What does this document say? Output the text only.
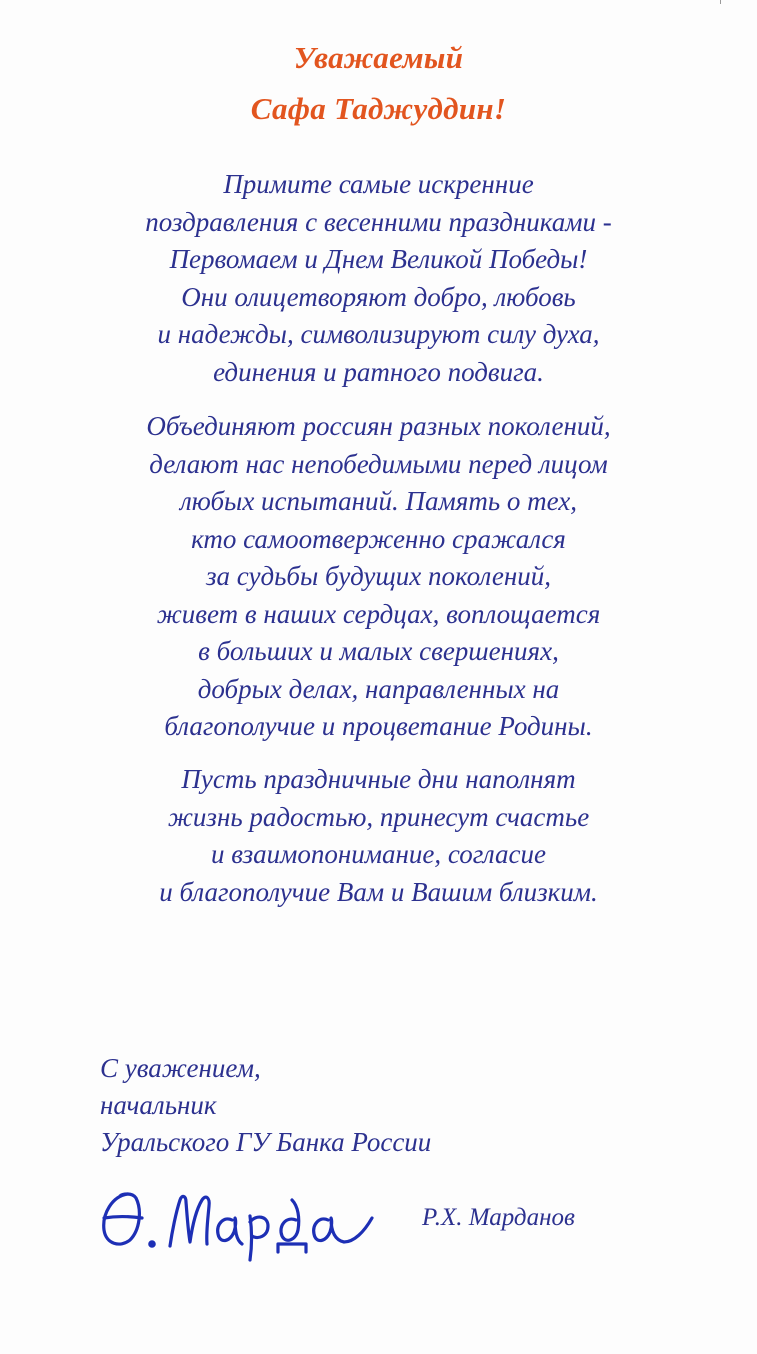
Уважаемый
Сафа Таджуддин!
Примите самые искренние
поздравления с весенними праздниками -
Первомаем и Днем Великой Победы!
Они олицетворяют добро, любовь
и надежды, символизируют силу духа,
единения и ратного подвига.
Объединяют россиян разных поколений,
делают нас непобедимыми перед лицом
любых испытаний. Память о тех,
кто самоотверженно сражался
за судьбы будущих поколений,
живет в наших сердцах, воплощается
в больших и малых свершениях,
добрых делах, направленных на
благополучие и процветание Родины.
Пусть праздничные дни наполнят
жизнь радостью, принесут счастье
и взаимопонимание, согласие
и благополучие Вам и Вашим близким.
С уважением,
начальник
Уральского ГУ Банка России
Р.Х. Марданов
